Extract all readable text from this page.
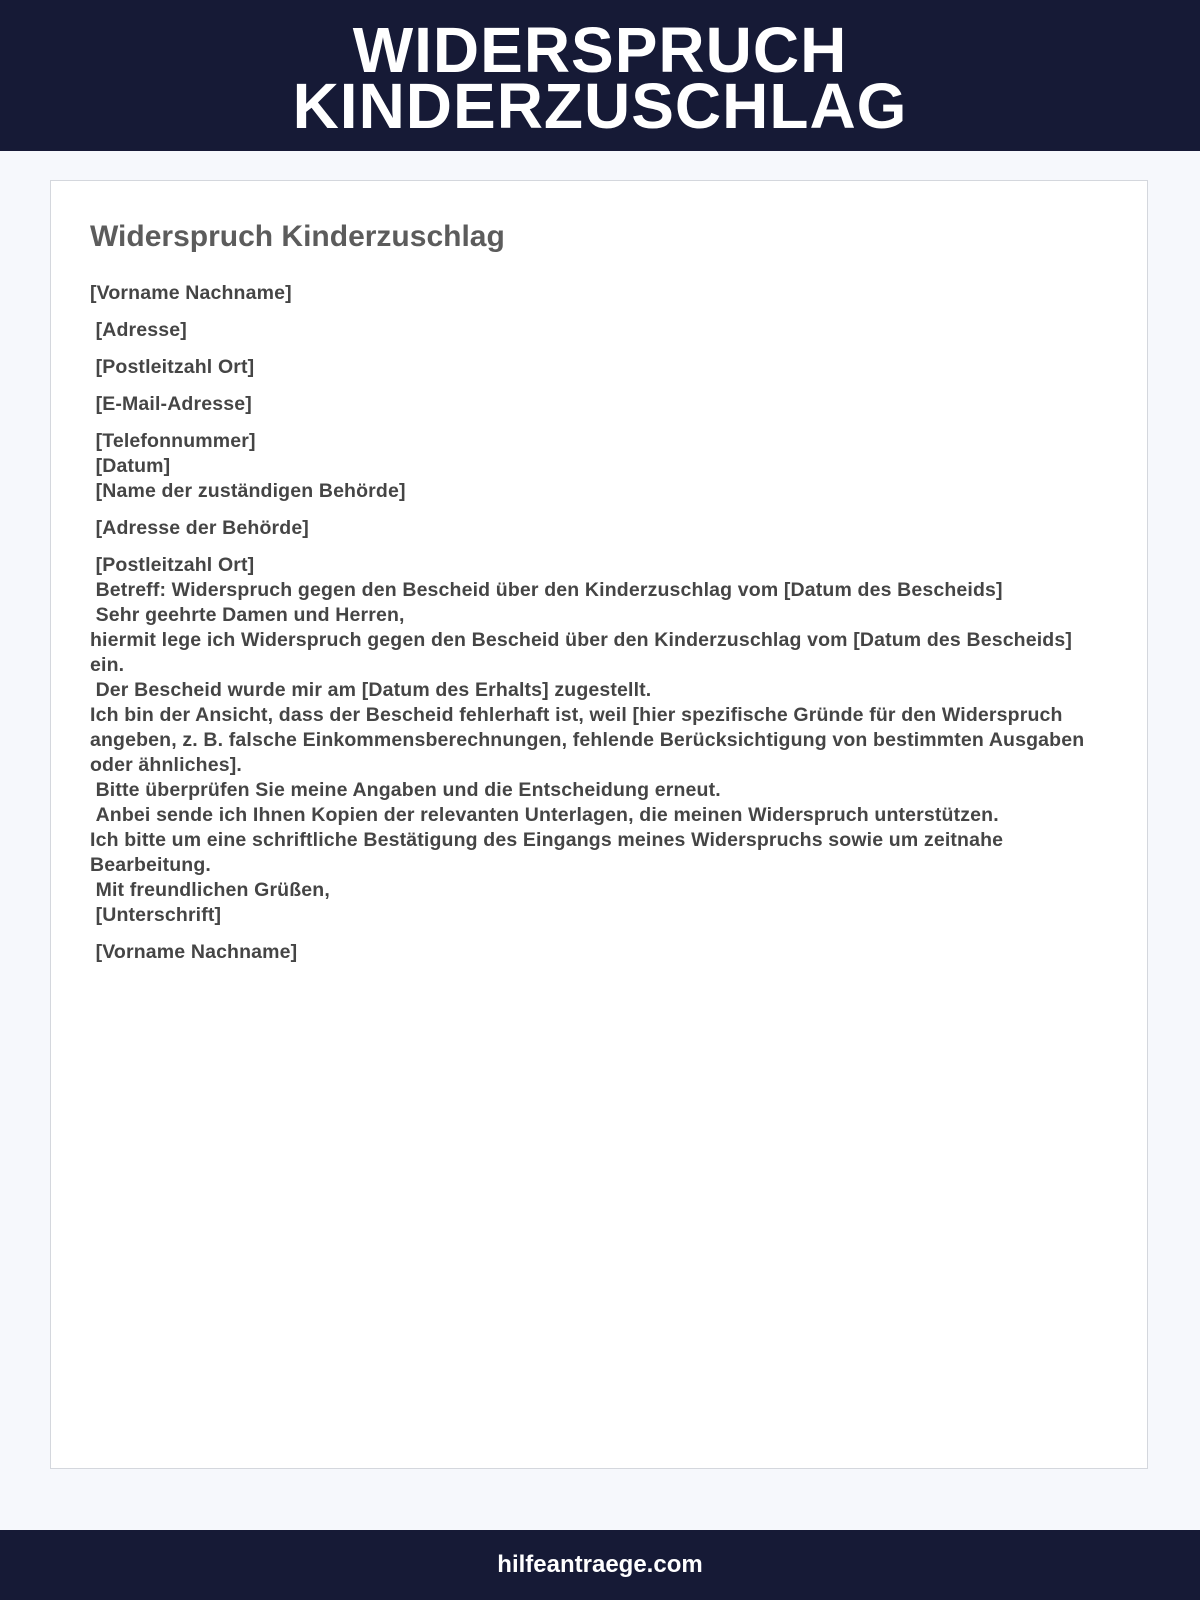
WIDERSPRUCH
KINDERZUSCHLAG
Widerspruch Kinderzuschlag
[Vorname Nachname]
[Adresse]
[Postleitzahl Ort]
[E-Mail-Adresse]
[Telefonnummer]
[Datum]
[Name der zuständigen Behörde]
[Adresse der Behörde]
[Postleitzahl Ort]
Betreff: Widerspruch gegen den Bescheid über den Kinderzuschlag vom [Datum des Bescheids]
Sehr geehrte Damen und Herren,
hiermit lege ich Widerspruch gegen den Bescheid über den Kinderzuschlag vom [Datum des Bescheids] ein.
Der Bescheid wurde mir am [Datum des Erhalts] zugestellt.
Ich bin der Ansicht, dass der Bescheid fehlerhaft ist, weil [hier spezifische Gründe für den Widerspruch angeben, z. B. falsche Einkommensberechnungen, fehlende Berücksichtigung von bestimmten Ausgaben oder ähnliches].
Bitte überprüfen Sie meine Angaben und die Entscheidung erneut.
Anbei sende ich Ihnen Kopien der relevanten Unterlagen, die meinen Widerspruch unterstützen.
Ich bitte um eine schriftliche Bestätigung des Eingangs meines Widerspruchs sowie um zeitnahe Bearbeitung.
Mit freundlichen Grüßen,
[Unterschrift]
[Vorname Nachname]

hilfeantraege.com
